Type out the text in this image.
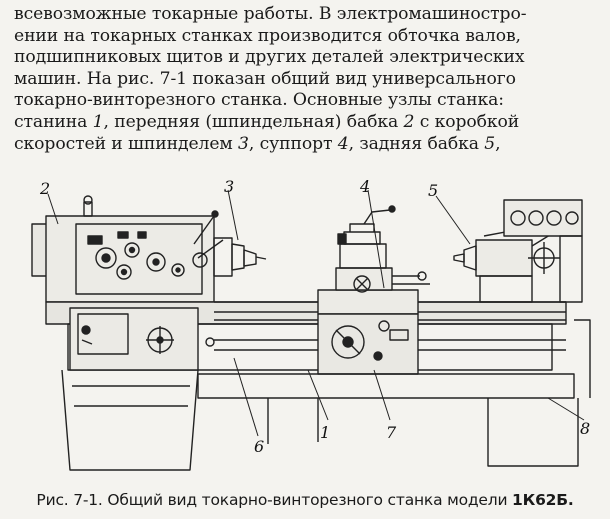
всевозможные токарные работы. В электромашиностро-
ении на токарных станках производится обточка валов,
подшипниковых щитов и других деталей электрических
машин. На рис. 7-1 показан общий вид универсального
токарно-винторезного станка. Основные узлы станка:
станина 1, передняя (шпиндельная) бабка 2 с коробкой
скоростей и шпинделем 3, суппорт 4, задняя бабка 5,
2	3	4	5
6
1	7	8
Рис. 7-1. Общий вид токарно-винторезного станка модели 1К62Б.
